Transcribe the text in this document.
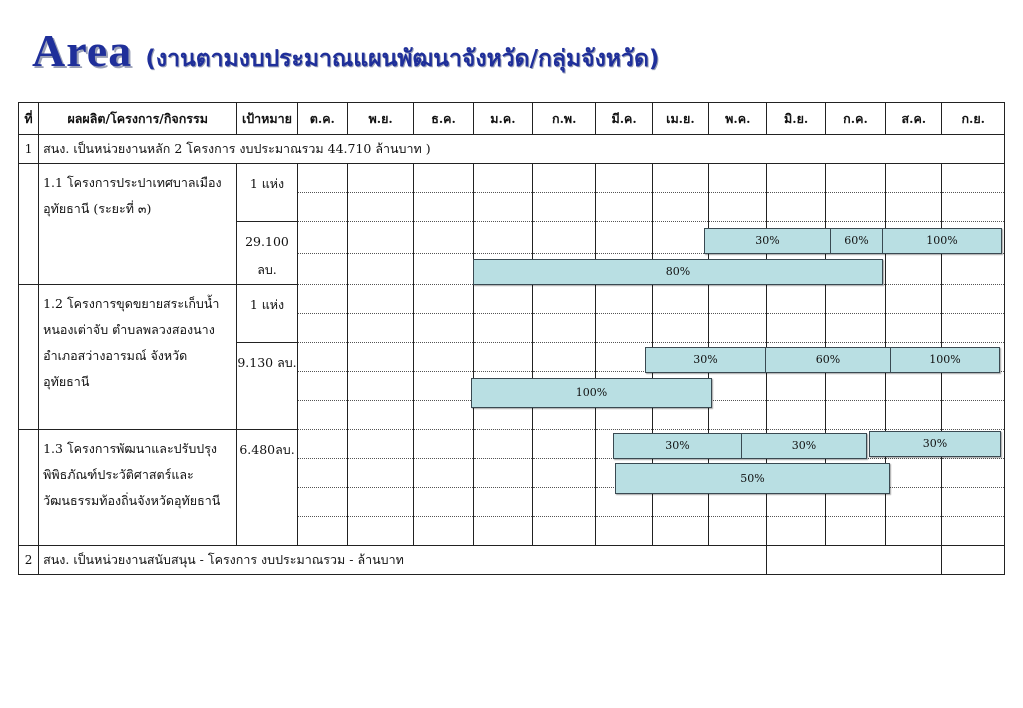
Area (งานตามงบประมาณแผนพัฒนาจังหวัด/กลุ่มจังหวัด)
ที่	ผลผลิต/โครงการ/กิจกรรม	เป้าหมาย	ต.ค.	พ.ย.	ธ.ค.	ม.ค.	ก.พ.	มี.ค.	เม.ย.	พ.ค.	มิ.ย.	ก.ค.	ส.ค.	ก.ย.
1	สนง. เป็นหน่วยงานหลัก 2 โครงการ งบประมาณรวม 44.710 ล้านบาท )													
	1.1 โครงการประปาเทศบาลเมืองอุทัยธานี (ระยะที่ ๓)	1 แห่ง												

		29.100 ลบ.												

	1.2 โครงการขุดขยายสระเก็บน้ำหนองเต่าจับ ตำบลพลวงสองนาง อำเภอสว่างอารมณ์ จังหวัดอุทัยธานี	1 แห่ง												

		9.130 ลบ.												

	1.3 โครงการพัฒนาและปรับปรุงพิพิธภัณฑ์ประวัติศาสตร์และวัฒนธรรมท้องถิ่นจังหวัดอุทัยธานี	6.480ลบ.												

2	สนง. เป็นหน่วยงานสนับสนุน - โครงการ งบประมาณรวม - ล้านบาท													
30%	60%	100%
80%
30%	60%	100%
100%
30%	30%	30%
50%
